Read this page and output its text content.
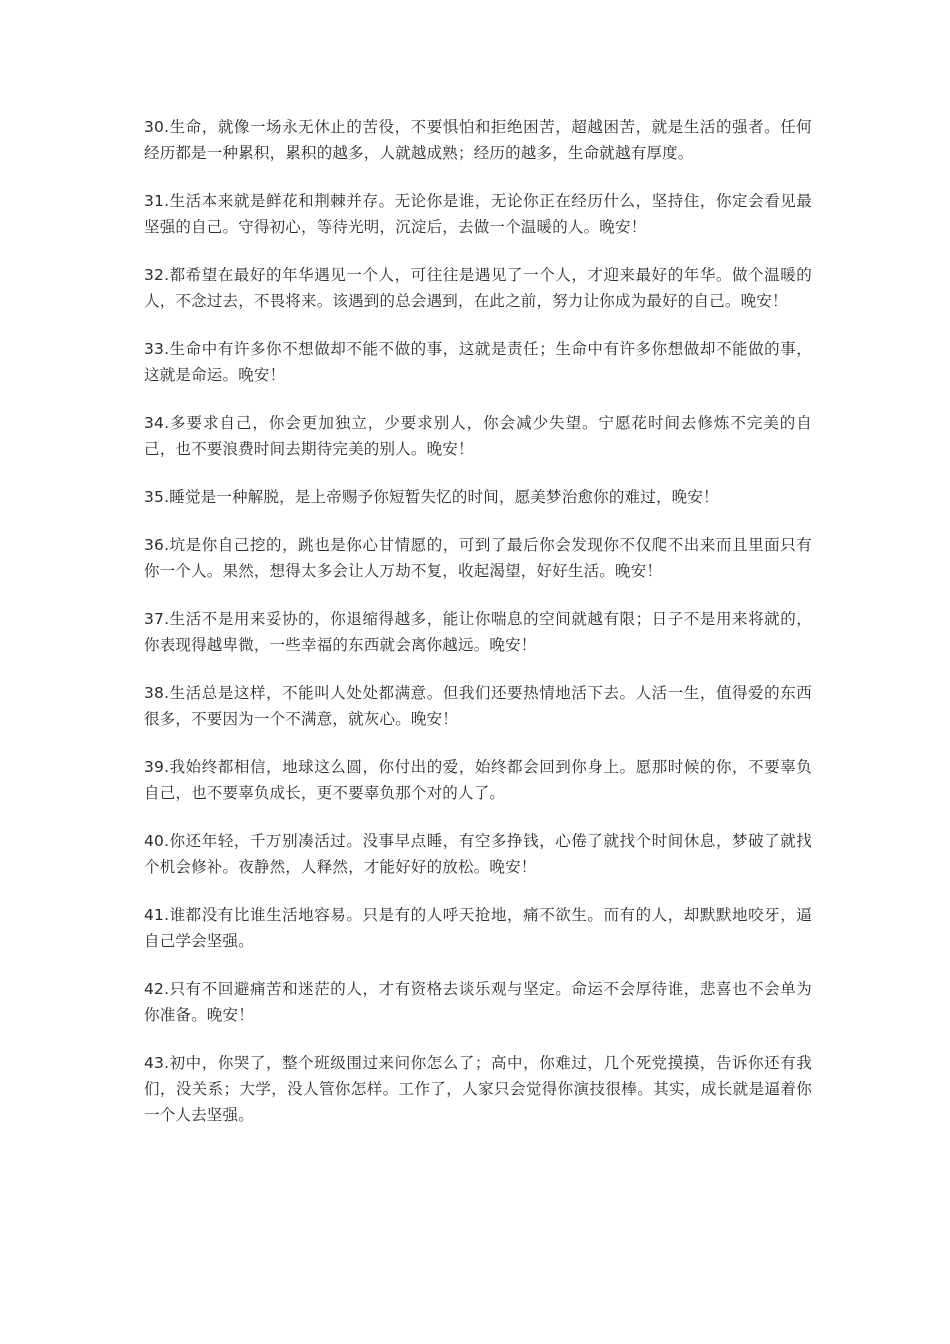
30.生命，就像一场永无休止的苦役，不要惧怕和拒绝困苦，超越困苦，就是生活的强者。任何经历都是一种累积，累积的越多，人就越成熟；经历的越多，生命就越有厚度。

31.生活本来就是鲜花和荆棘并存。无论你是谁，无论你正在经历什么，坚持住，你定会看见最坚强的自己。守得初心，等待光明，沉淀后，去做一个温暖的人。晚安！

32.都希望在最好的年华遇见一个人，可往往是遇见了一个人，才迎来最好的年华。做个温暖的人，不念过去，不畏将来。该遇到的总会遇到，在此之前，努力让你成为最好的自己。晚安！

33.生命中有许多你不想做却不能不做的事，这就是责任；生命中有许多你想做却不能做的事，这就是命运。晚安！

34.多要求自己，你会更加独立，少要求别人，你会减少失望。宁愿花时间去修炼不完美的自己，也不要浪费时间去期待完美的别人。晚安！

35.睡觉是一种解脱，是上帝赐予你短暂失忆的时间，愿美梦治愈你的难过，晚安！

36.坑是你自己挖的，跳也是你心甘情愿的，可到了最后你会发现你不仅爬不出来而且里面只有你一个人。果然，想得太多会让人万劫不复，收起渴望，好好生活。晚安！

37.生活不是用来妥协的，你退缩得越多，能让你喘息的空间就越有限；日子不是用来将就的，你表现得越卑微，一些幸福的东西就会离你越远。晚安！

38.生活总是这样，不能叫人处处都满意。但我们还要热情地活下去。人活一生，值得爱的东西很多，不要因为一个不满意，就灰心。晚安！

39.我始终都相信，地球这么圆，你付出的爱，始终都会回到你身上。愿那时候的你，不要辜负自己，也不要辜负成长，更不要辜负那个对的人了。

40.你还年轻，千万别凑活过。没事早点睡，有空多挣钱，心倦了就找个时间休息，梦破了就找个机会修补。夜静然，人释然，才能好好的放松。晚安！

41.谁都没有比谁生活地容易。只是有的人呼天抢地，痛不欲生。而有的人，却默默地咬牙，逼自己学会坚强。

42.只有不回避痛苦和迷茫的人，才有资格去谈乐观与坚定。命运不会厚待谁，悲喜也不会单为你准备。晚安！

43.初中，你哭了，整个班级围过来问你怎么了；高中，你难过，几个死党摸摸，告诉你还有我们，没关系；大学，没人管你怎样。工作了，人家只会觉得你演技很棒。其实，成长就是逼着你一个人去坚强。
